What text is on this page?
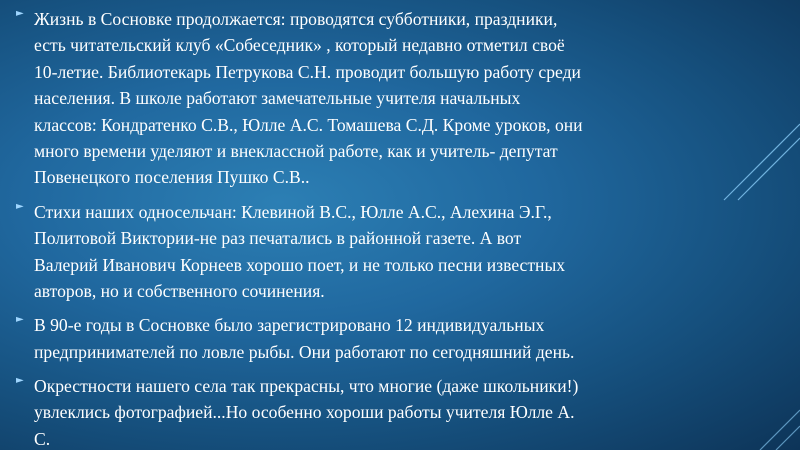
► Жизнь в Сосновке продолжается: проводятся субботники, праздники,
есть читательский клуб «Собеседник» , который недавно отметил своё
10-летие. Библиотекарь Петрукова С.Н. проводит большую работу среди
населения. В школе работают замечательные учителя начальных
классов: Кондратенко С.В., Юлле А.С. Томашева С.Д. Кроме уроков, они
много времени уделяют и внеклассной работе, как и учитель- депутат
Повенецкого поселения Пушко С.В..
► Стихи наших односельчан: Клевиной В.С., Юлле А.С., Алехина Э.Г.,
Политовой Виктории-не раз печатались в районной газете. А вот
Валерий Иванович Корнеев хорошо поет, и не только песни известных
авторов, но и собственного сочинения.
► В 90-е годы в Сосновке было зарегистрировано 12 индивидуальных
предпринимателей по ловле рыбы. Они работают по сегодняшний день.
► Окрестности нашего села так прекрасны, что многие (даже школьники!)
увлеклись фотографией...Но особенно хороши работы учителя Юлле А.
С.
